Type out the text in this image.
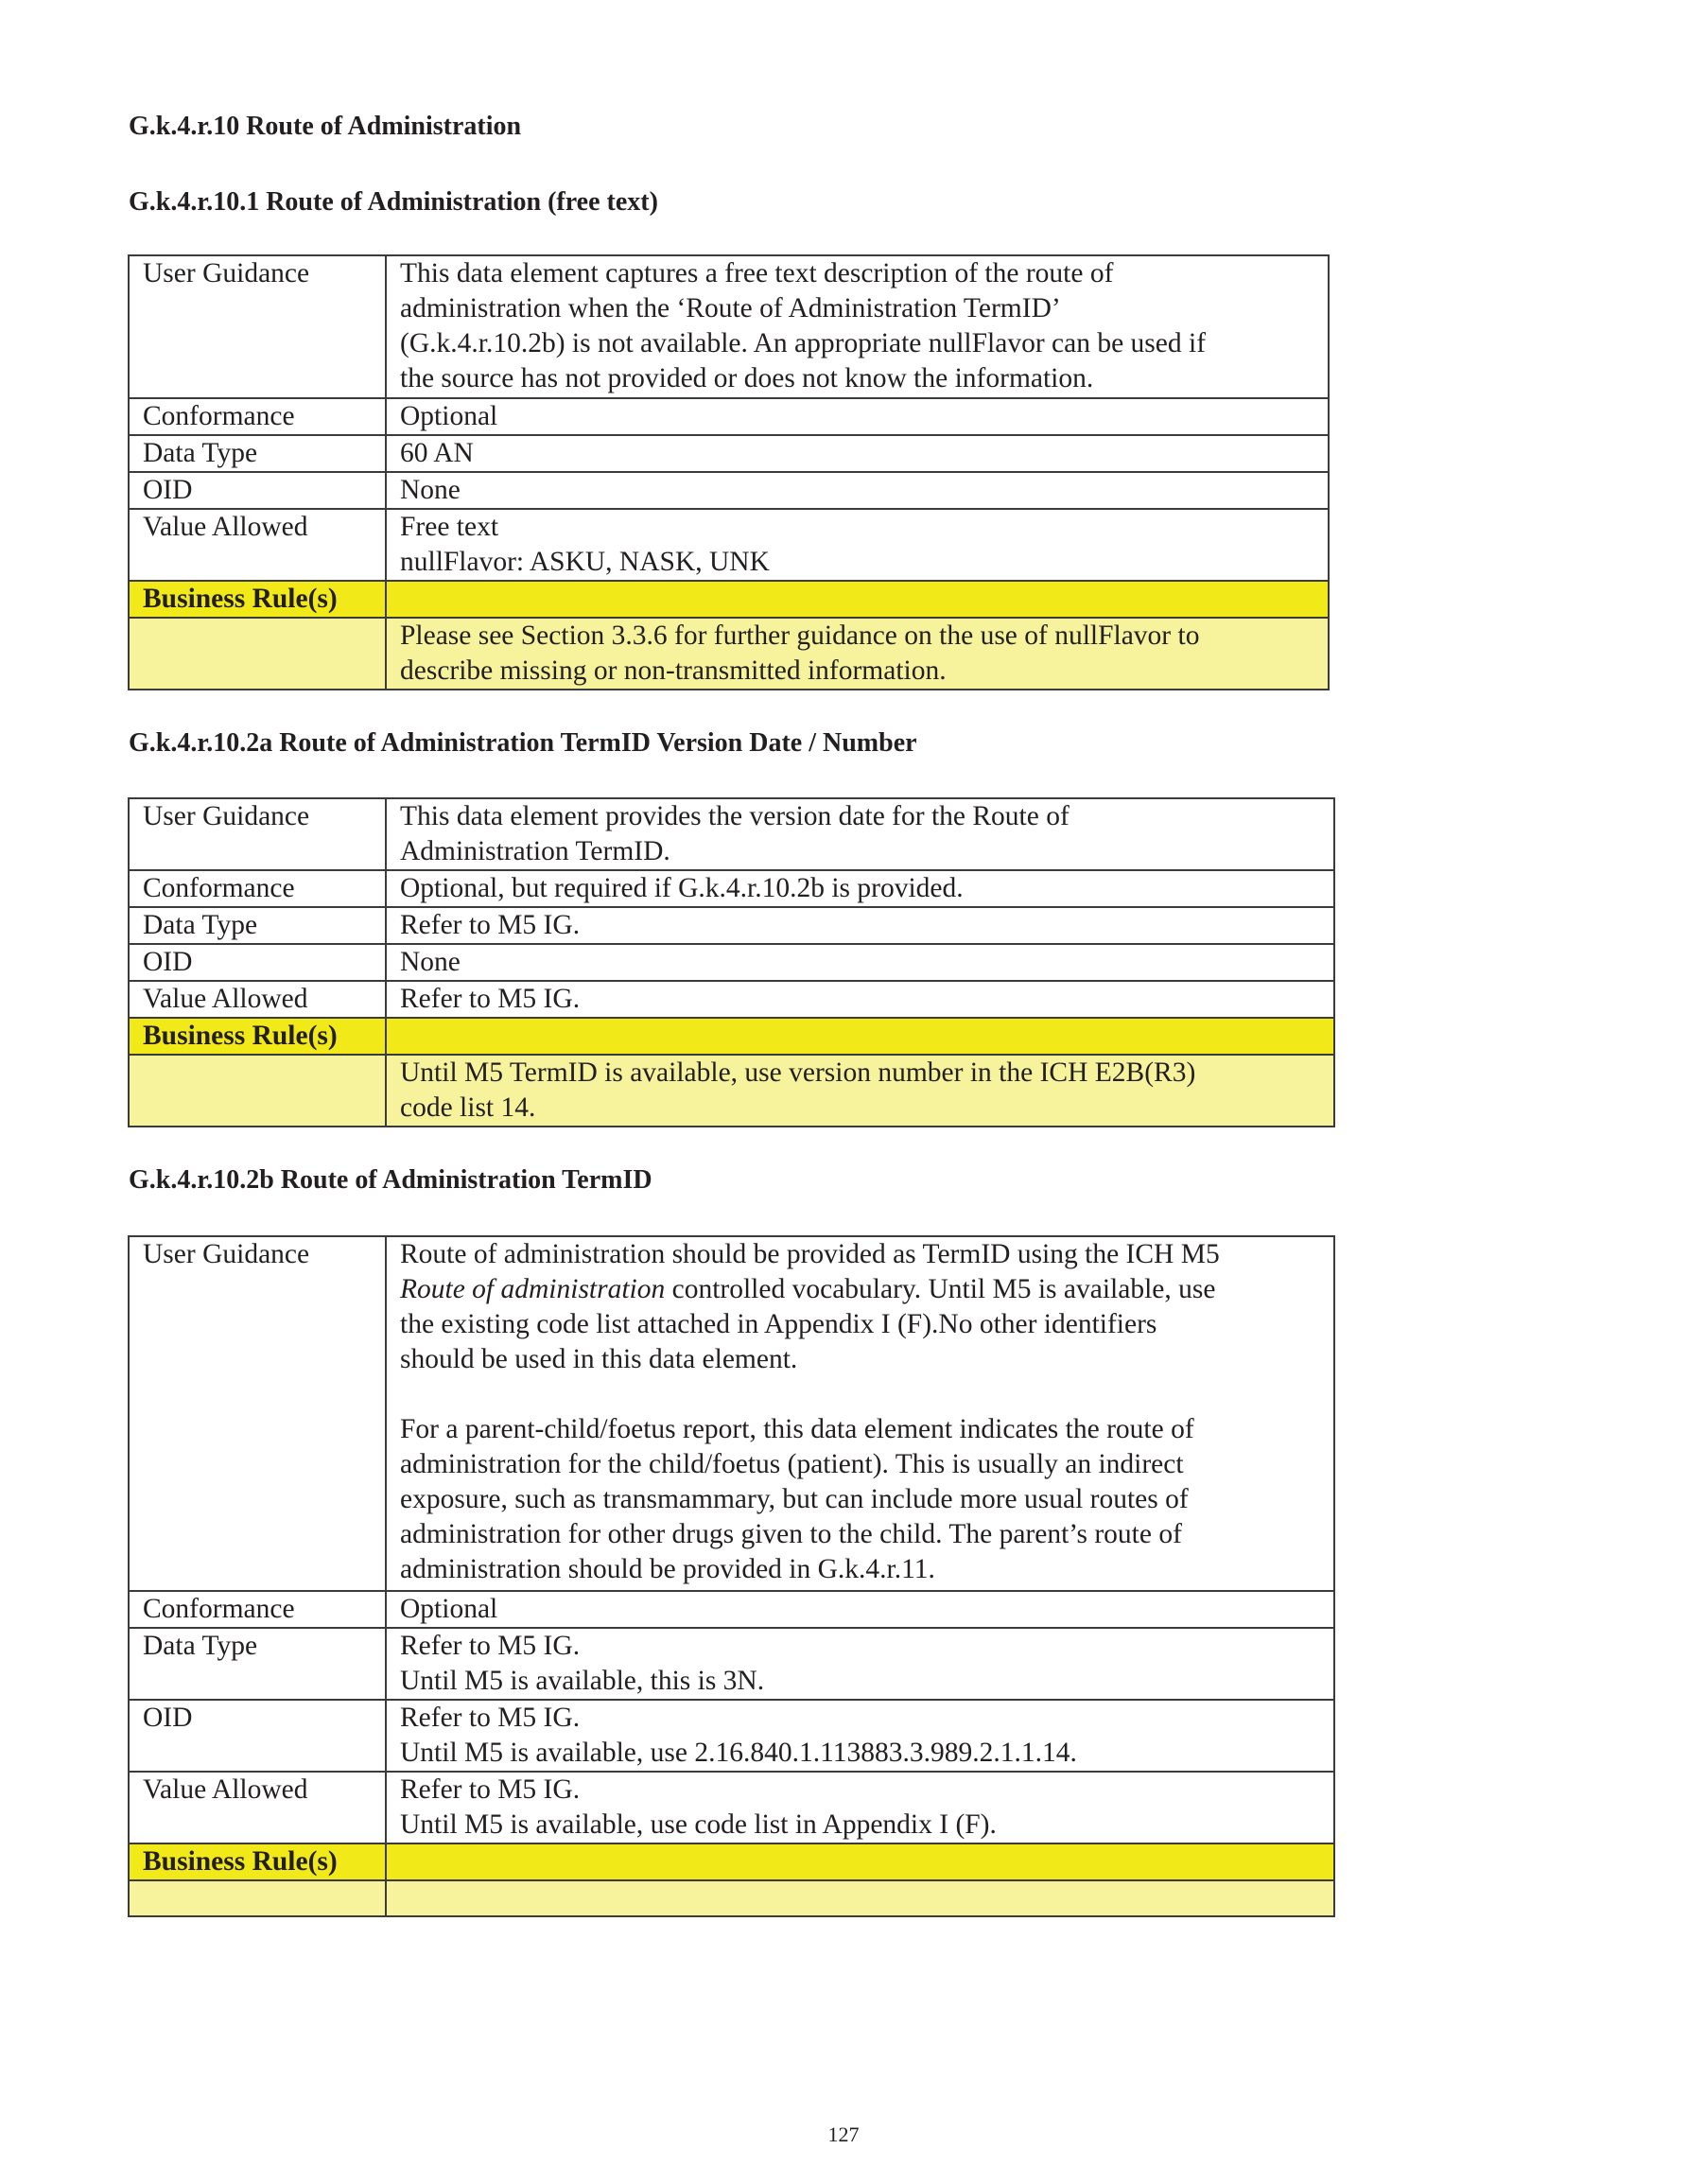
G.k.4.r.10 Route of Administration
G.k.4.r.10.1 Route of Administration (free text)
User Guidance	This data element captures a free text description of the route of
administration when the ‘Route of Administration TermID’
(G.k.4.r.10.2b) is not available. An appropriate nullFlavor can be used if
the source has not provided or does not know the information.

Conformance	Optional

Data Type	60 AN

OID	None

Value Allowed	Free text
nullFlavor: ASKU, NASK, UNK

Business Rule(s)	

	Please see Section 3.3.6 for further guidance on the use of nullFlavor to
describe missing or non-transmitted information.
G.k.4.r.10.2a Route of Administration TermID Version Date / Number
User Guidance	This data element provides the version date for the Route of
Administration TermID.

Conformance	Optional, but required if G.k.4.r.10.2b is provided.

Data Type	Refer to M5 IG.

OID	None

Value Allowed	Refer to M5 IG.

Business Rule(s)	

	Until M5 TermID is available, use version number in the ICH E2B(R3)
code list 14.
G.k.4.r.10.2b Route of Administration TermID
User Guidance	Route of administration should be provided as TermID using the ICH M5
Route of administration controlled vocabulary. Until M5 is available, use
the existing code list attached in Appendix I (F).No other identifiers
should be used in this data element.
For a parent-child/foetus report, this data element indicates the route of
administration for the child/foetus (patient). This is usually an indirect
exposure, such as transmammary, but can include more usual routes of
administration for other drugs given to the child. The parent’s route of
administration should be provided in G.k.4.r.11.

Conformance	Optional

Data Type	Refer to M5 IG.
Until M5 is available, this is 3N.

OID	Refer to M5 IG.
Until M5 is available, use 2.16.840.1.113883.3.989.2.1.1.14.

Value Allowed	Refer to M5 IG.
Until M5 is available, use code list in Appendix I (F).

Business Rule(s)	

127
